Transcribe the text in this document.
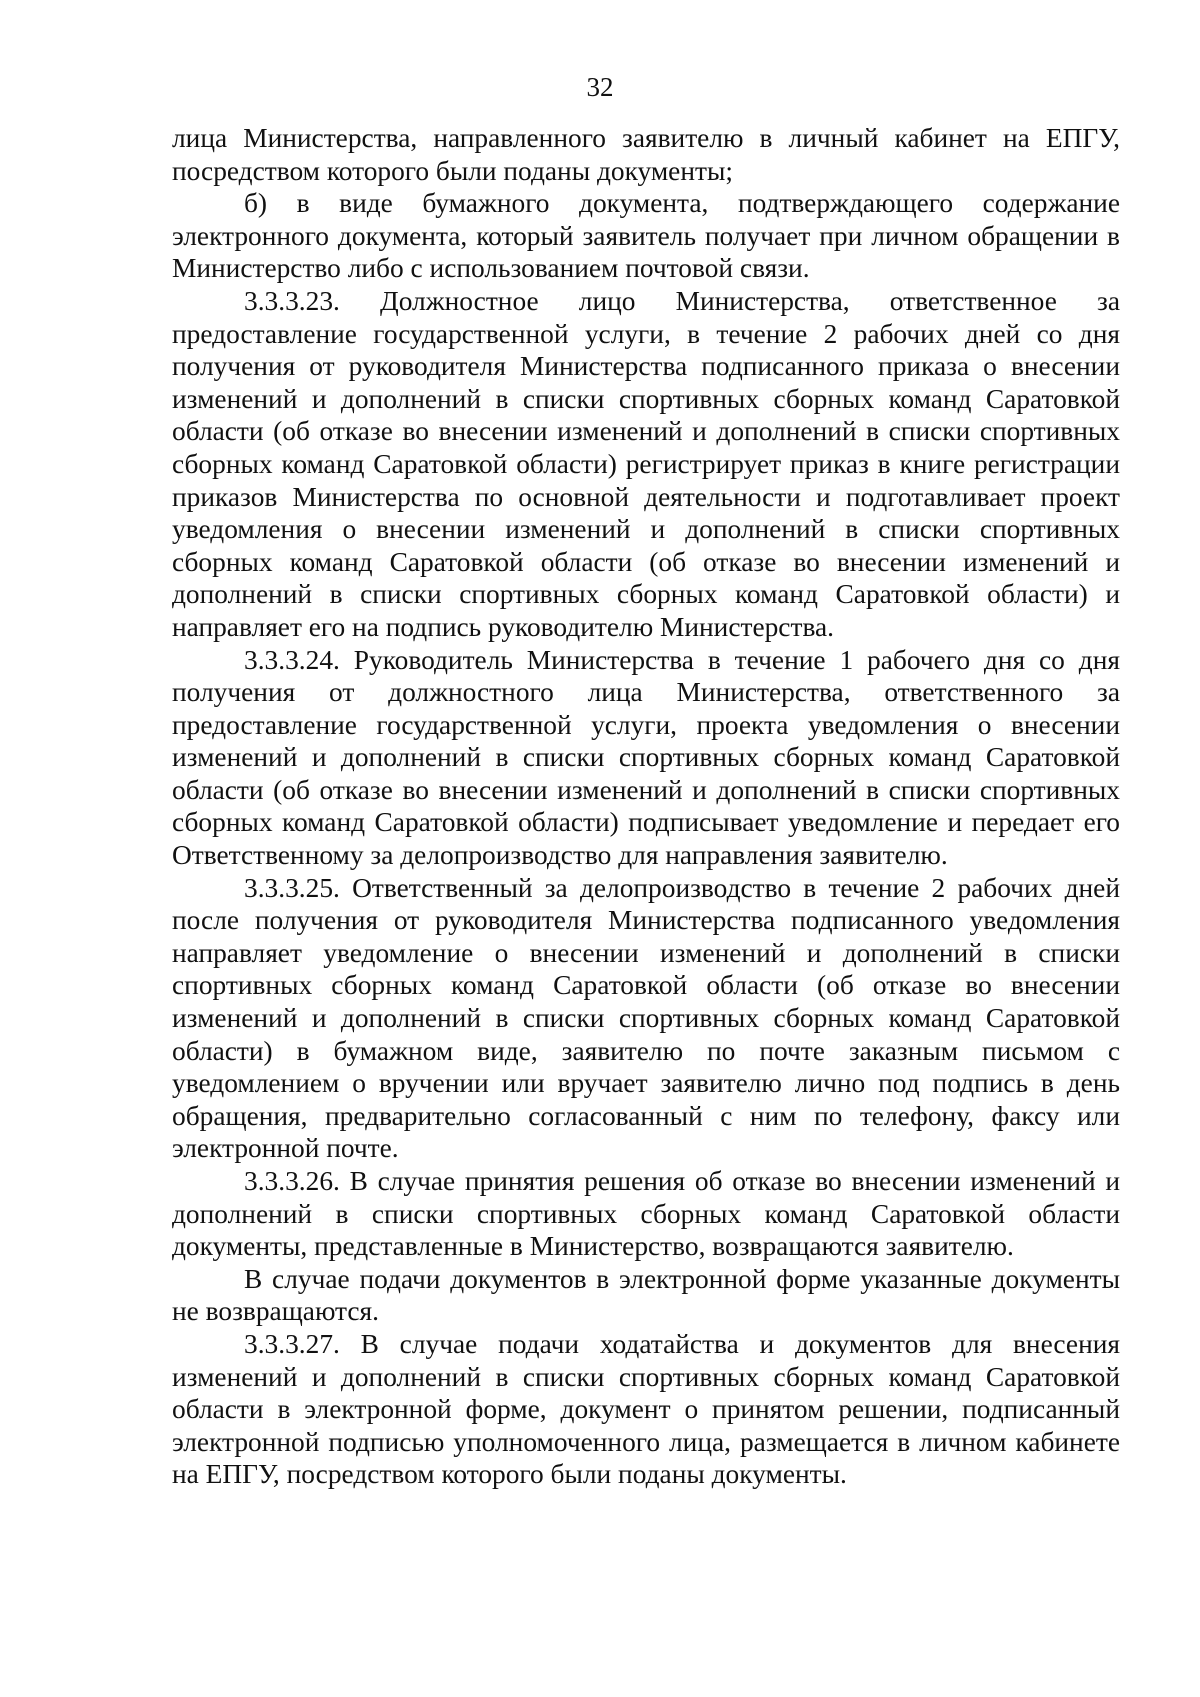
32

лица Министерства, направленного заявителю в личный кабинет на ЕПГУ, посредством которого были поданы документы;

б) в виде бумажного документа, подтверждающего содержание электронного документа, который заявитель получает при личном обращении в Министерство либо с использованием почтовой связи.

3.3.3.23. Должностное лицо Министерства, ответственное за предоставление государственной услуги, в течение 2 рабочих дней со дня получения от руководителя Министерства подписанного приказа о внесении изменений и дополнений в списки спортивных сборных команд Саратовкой области (об отказе во внесении изменений и дополнений в списки спортивных сборных команд Саратовкой области) регистрирует приказ в книге регистрации приказов Министерства по основной деятельности и подготавливает проект уведомления о внесении изменений и дополнений в списки спортивных сборных команд Саратовкой области (об отказе во внесении изменений и дополнений в списки спортивных сборных команд Саратовкой области) и направляет его на подпись руководителю Министерства.

3.3.3.24. Руководитель Министерства в течение 1 рабочего дня со дня получения от должностного лица Министерства, ответственного за предоставление государственной услуги, проекта уведомления о внесении изменений и дополнений в списки спортивных сборных команд Саратовкой области (об отказе во внесении изменений и дополнений в списки спортивных сборных команд Саратовкой области) подписывает уведомление и передает его Ответственному за делопроизводство для направления заявителю.

3.3.3.25. Ответственный за делопроизводство в течение 2 рабочих дней после получения от руководителя Министерства подписанного уведомления направляет уведомление о внесении изменений и дополнений в списки спортивных сборных команд Саратовкой области (об отказе во внесении изменений и дополнений в списки спортивных сборных команд Саратовкой области) в бумажном виде, заявителю по почте заказным письмом с уведомлением о вручении или вручает заявителю лично под подпись в день обращения, предварительно согласованный с ним по телефону, факсу или электронной почте.

3.3.3.26. В случае принятия решения об отказе во внесении изменений и дополнений в списки спортивных сборных команд Саратовкой области документы, представленные в Министерство, возвращаются заявителю.

В случае подачи документов в электронной форме указанные документы не возвращаются.

3.3.3.27. В случае подачи ходатайства и документов для внесения изменений и дополнений в списки спортивных сборных команд Саратовкой области в электронной форме, документ о принятом решении, подписанный электронной подписью уполномоченного лица, размещается в личном кабинете на ЕПГУ, посредством которого были поданы документы.
